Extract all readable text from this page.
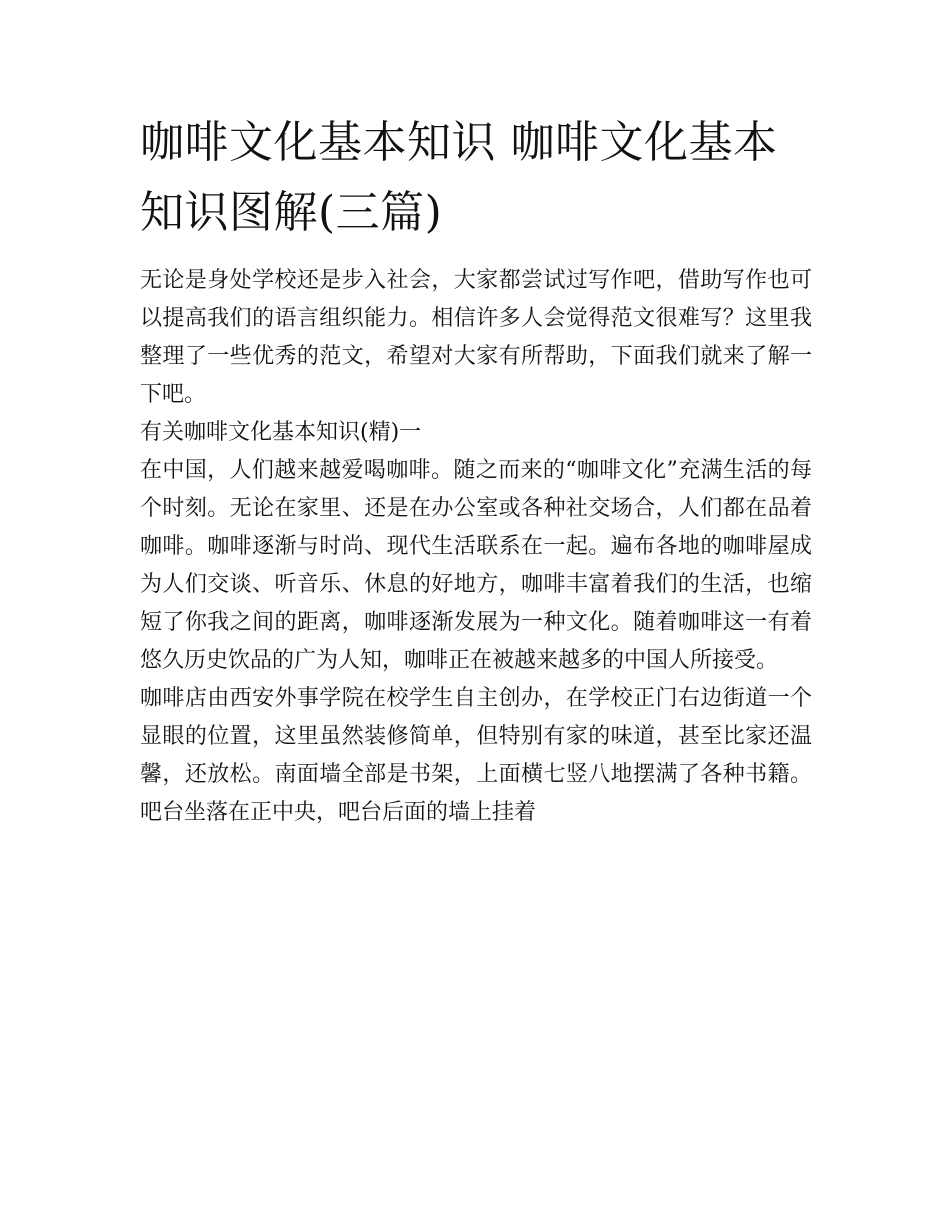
咖啡文化基本知识 咖啡文化基本知识图解(三篇)

无论是身处学校还是步入社会，大家都尝试过写作吧，借助写作也可以提高我们的语言组织能力。相信许多人会觉得范文很难写？这里我整理了一些优秀的范文，希望对大家有所帮助，下面我们就来了解一下吧。

有关咖啡文化基本知识(精)一

在中国，人们越来越爱喝咖啡。随之而来的“咖啡文化”充满生活的每个时刻。无论在家里、还是在办公室或各种社交场合，人们都在品着咖啡。咖啡逐渐与时尚、现代生活联系在一起。遍布各地的咖啡屋成为人们交谈、听音乐、休息的好地方，咖啡丰富着我们的生活，也缩短了你我之间的距离，咖啡逐渐发展为一种文化。随着咖啡这一有着悠久历史饮品的广为人知，咖啡正在被越来越多的中国人所接受。

咖啡店由西安外事学院在校学生自主创办，在学校正门右边街道一个显眼的位置，这里虽然装修简单，但特别有家的味道，甚至比家还温馨，还放松。南面墙全部是书架，上面横七竖八地摆满了各种书籍。吧台坐落在正中央，吧台后面的墙上挂着
